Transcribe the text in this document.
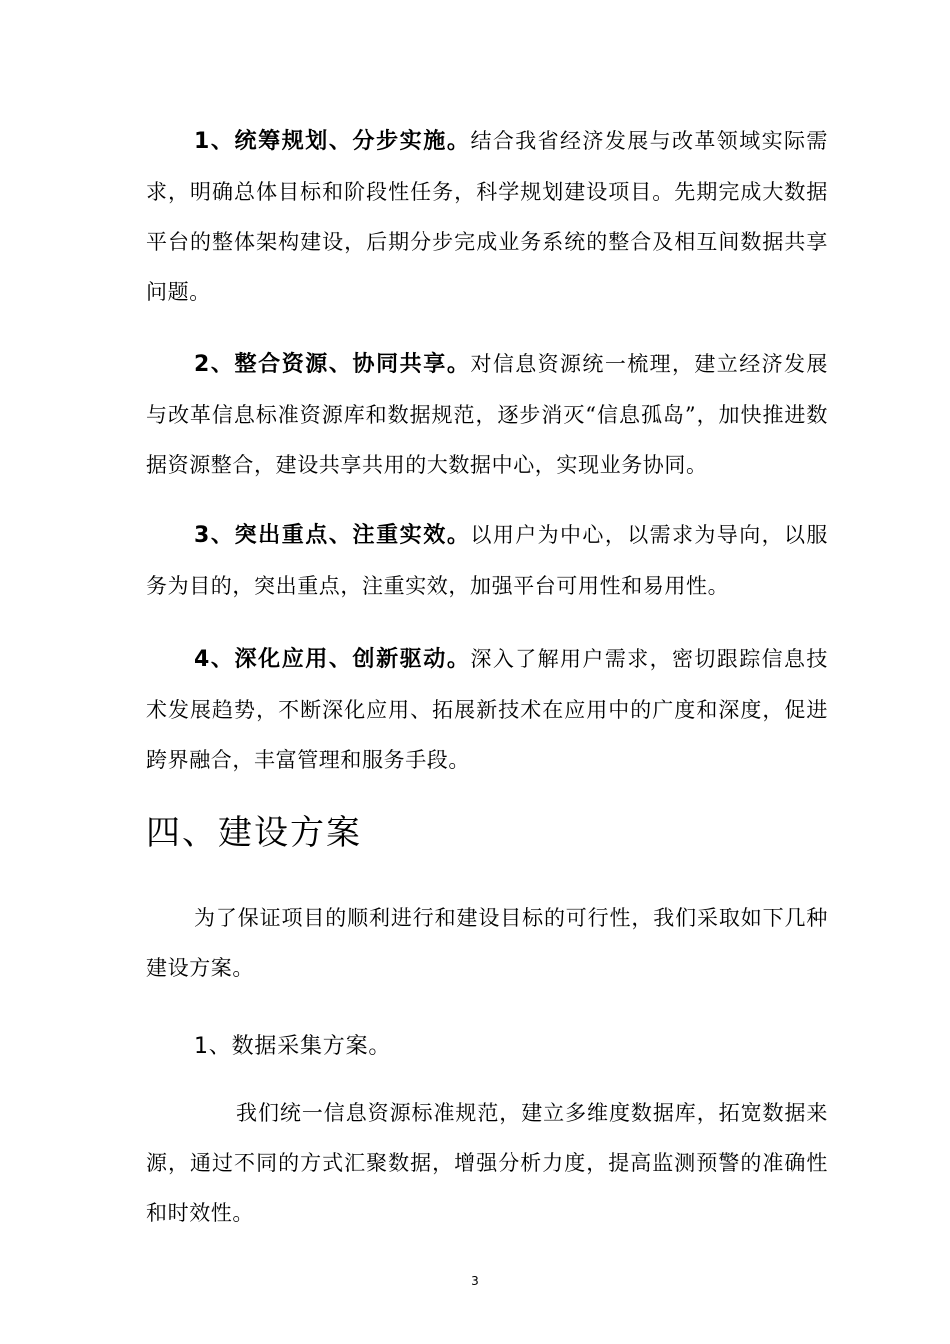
1、统筹规划、分步实施。结合我省经济发展与改革领域实际需求，明确总体目标和阶段性任务，科学规划建设项目。先期完成大数据平台的整体架构建设，后期分步完成业务系统的整合及相互间数据共享问题。

2、整合资源、协同共享。对信息资源统一梳理，建立经济发展与改革信息标准资源库和数据规范，逐步消灭“信息孤岛”，加快推进数据资源整合，建设共享共用的大数据中心，实现业务协同。

3、突出重点、注重实效。以用户为中心，以需求为导向，以服务为目的，突出重点，注重实效，加强平台可用性和易用性。

4、深化应用、创新驱动。深入了解用户需求，密切跟踪信息技术发展趋势，不断深化应用、拓展新技术在应用中的广度和深度，促进跨界融合，丰富管理和服务手段。

四、建设方案

为了保证项目的顺利进行和建设目标的可行性，我们采取如下几种建设方案。

1、数据采集方案。

我们统一信息资源标准规范，建立多维度数据库，拓宽数据来源，通过不同的方式汇聚数据，增强分析力度，提高监测预警的准确性和时效性。

3
